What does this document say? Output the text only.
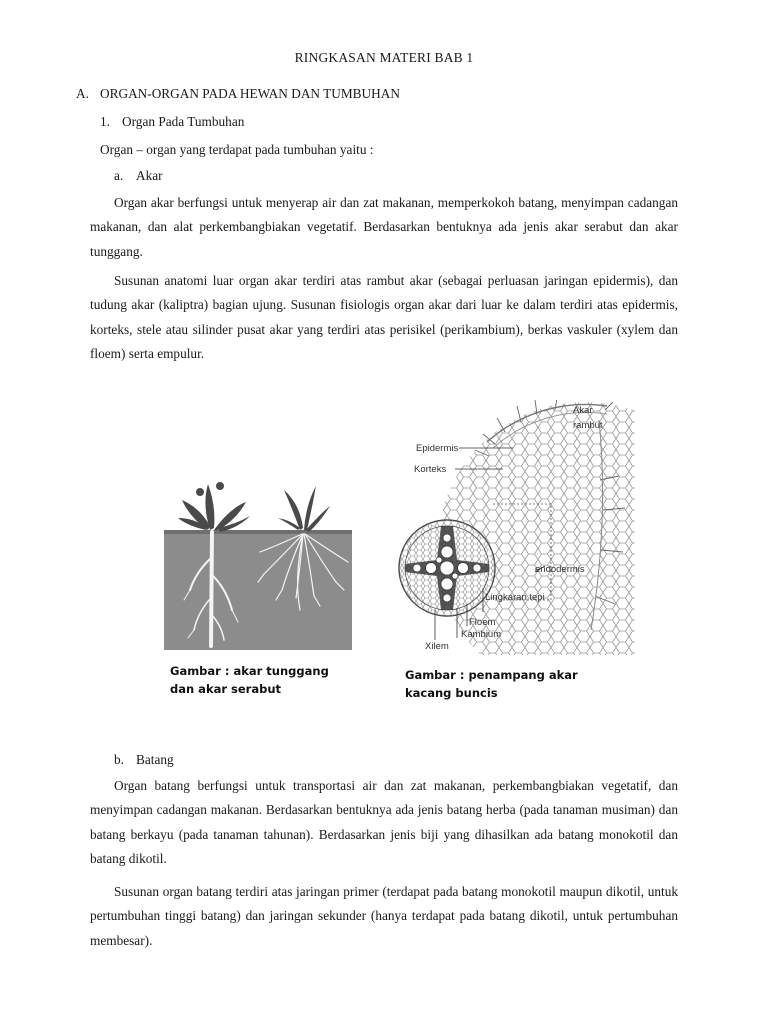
RINGKASAN MATERI BAB 1
A. ORGAN-ORGAN PADA HEWAN DAN TUMBUHAN
1. Organ Pada Tumbuhan
Organ – organ yang terdapat pada tumbuhan yaitu :
a. Akar
Organ akar berfungsi untuk menyerap air dan zat makanan, memperkokoh batang, menyimpan cadangan makanan, dan alat perkembangbiakan vegetatif. Berdasarkan bentuknya ada jenis akar serabut dan akar tunggang.
Susunan anatomi luar organ akar terdiri atas rambut akar (sebagai perluasan jaringan epidermis), dan tudung akar (kaliptra) bagian ujung. Susunan fisiologis organ akar dari luar ke dalam terdiri atas epidermis, korteks, stele atau silinder pusat akar yang terdiri atas perisikel (perikambium), berkas vaskuler (xylem dan floem) serta empulur.
Gambar : akar tunggang
dan akar serabut
Akar
rambut
Epidermis
Korteks
endodermis
Lingkaran tepi
Floem
Kambium
Xilem
Gambar : penampang akar
kacang buncis
b. Batang
Organ batang berfungsi untuk transportasi air dan zat makanan, perkembangbiakan vegetatif, dan menyimpan cadangan makanan. Berdasarkan bentuknya ada jenis batang herba (pada tanaman musiman) dan batang berkayu (pada tanaman tahunan). Berdasarkan jenis biji yang dihasilkan ada batang monokotil dan batang dikotil.
Susunan organ batang terdiri atas jaringan primer (terdapat pada batang monokotil maupun dikotil, untuk pertumbuhan tinggi batang) dan jaringan sekunder (hanya terdapat pada batang dikotil, untuk pertumbuhan membesar).
